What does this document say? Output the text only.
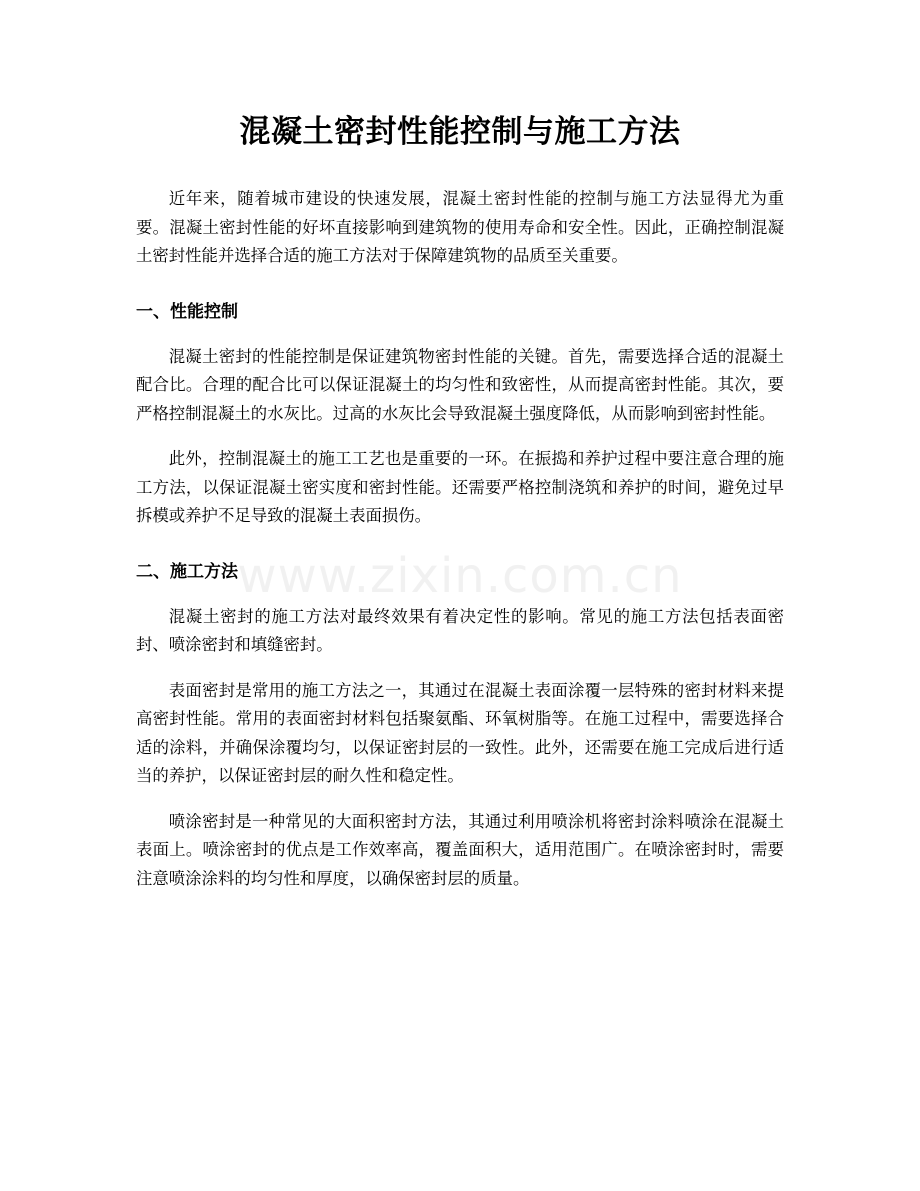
混凝土密封性能控制与施工方法
www.zixin.com.cn

近年来，随着城市建设的快速发展，混凝土密封性能的控制与施工方法显得尤为重要。混凝土密封性能的好坏直接影响到建筑物的使用寿命和安全性。因此，正确控制混凝土密封性能并选择合适的施工方法对于保障建筑物的品质至关重要。

一、性能控制

混凝土密封的性能控制是保证建筑物密封性能的关键。首先，需要选择合适的混凝土配合比。合理的配合比可以保证混凝土的均匀性和致密性，从而提高密封性能。其次，要严格控制混凝土的水灰比。过高的水灰比会导致混凝土强度降低，从而影响到密封性能。

此外，控制混凝土的施工工艺也是重要的一环。在振捣和养护过程中要注意合理的施工方法，以保证混凝土密实度和密封性能。还需要严格控制浇筑和养护的时间，避免过早拆模或养护不足导致的混凝土表面损伤。

二、施工方法

混凝土密封的施工方法对最终效果有着决定性的影响。常见的施工方法包括表面密封、喷涂密封和填缝密封。

表面密封是常用的施工方法之一，其通过在混凝土表面涂覆一层特殊的密封材料来提高密封性能。常用的表面密封材料包括聚氨酯、环氧树脂等。在施工过程中，需要选择合适的涂料，并确保涂覆均匀，以保证密封层的一致性。此外，还需要在施工完成后进行适当的养护，以保证密封层的耐久性和稳定性。

喷涂密封是一种常见的大面积密封方法，其通过利用喷涂机将密封涂料喷涂在混凝土表面上。喷涂密封的优点是工作效率高，覆盖面积大，适用范围广。在喷涂密封时，需要注意喷涂涂料的均匀性和厚度，以确保密封层的质量。
